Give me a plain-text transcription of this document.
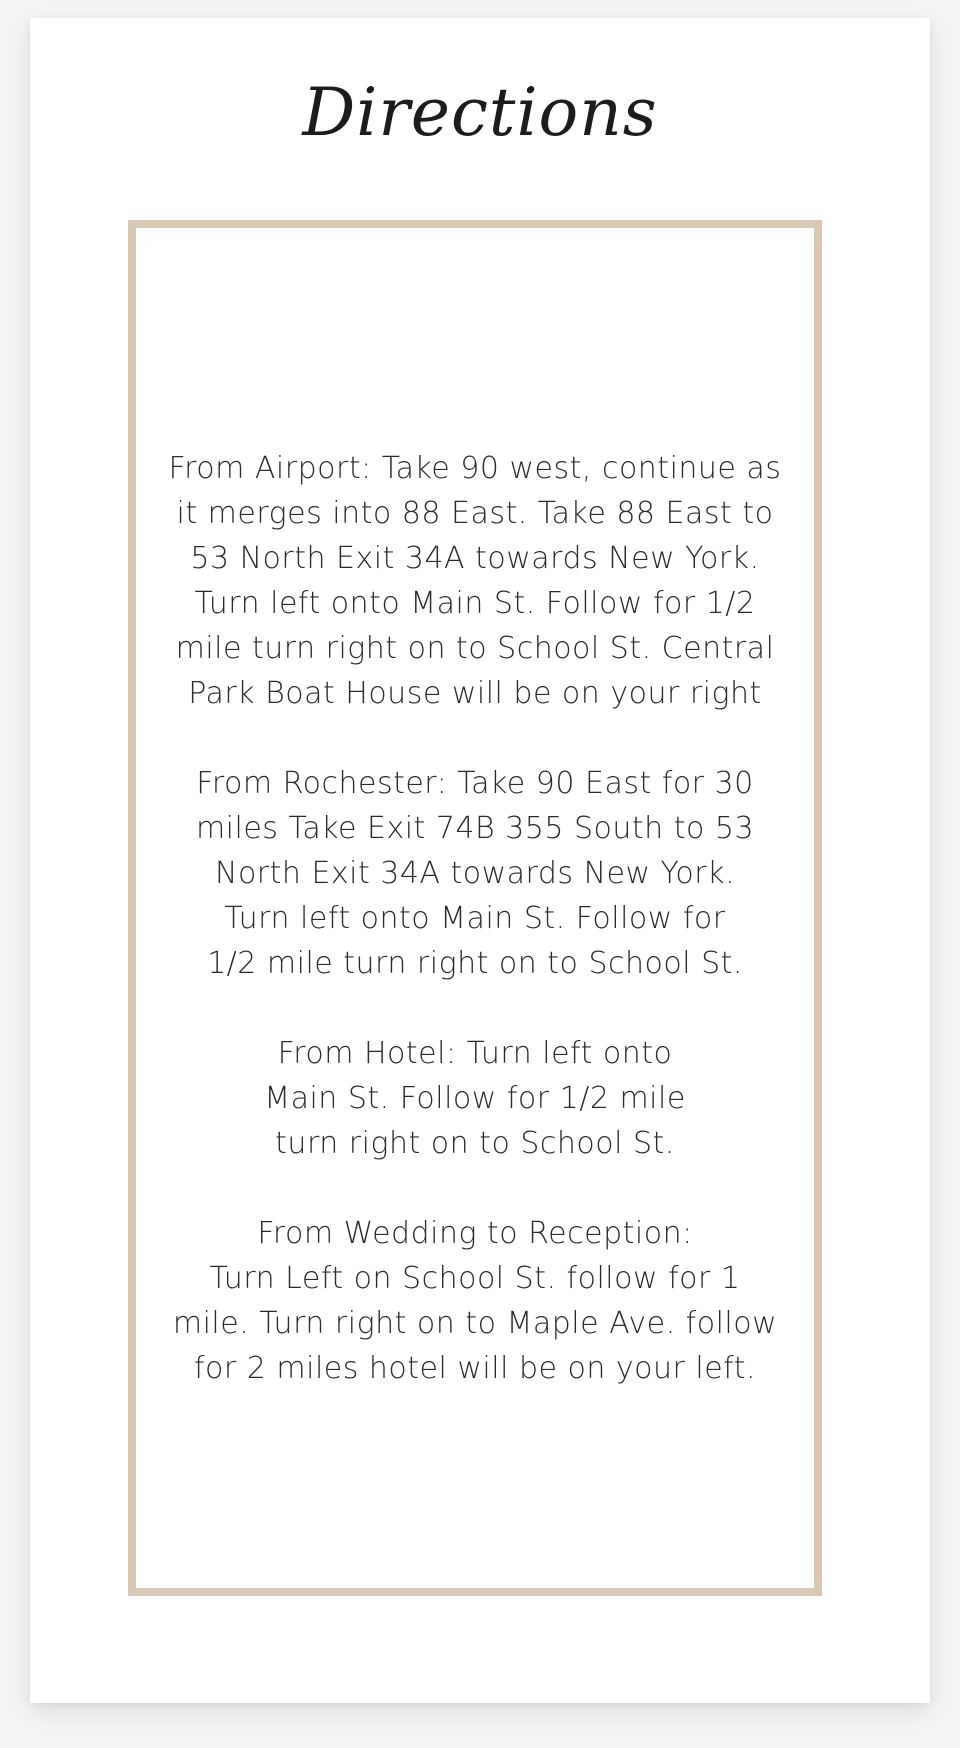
Directions

From Airport: Take 90 west, continue as
it merges into 88 East. Take 88 East to
53 North Exit 34A towards New York.
Turn left onto Main St. Follow for 1/2
mile turn right on to School St. Central
Park Boat House will be on your right

From Rochester: Take 90 East for 30
miles Take Exit 74B 355 South to 53
North Exit 34A towards New York.
Turn left onto Main St. Follow for
1/2 mile turn right on to School St.

From Hotel: Turn left onto
Main St. Follow for 1/2 mile
turn right on to School St.

From Wedding to Reception:
Turn Left on School St. follow for 1
mile. Turn right on to Maple Ave. follow
for 2 miles hotel will be on your left.
